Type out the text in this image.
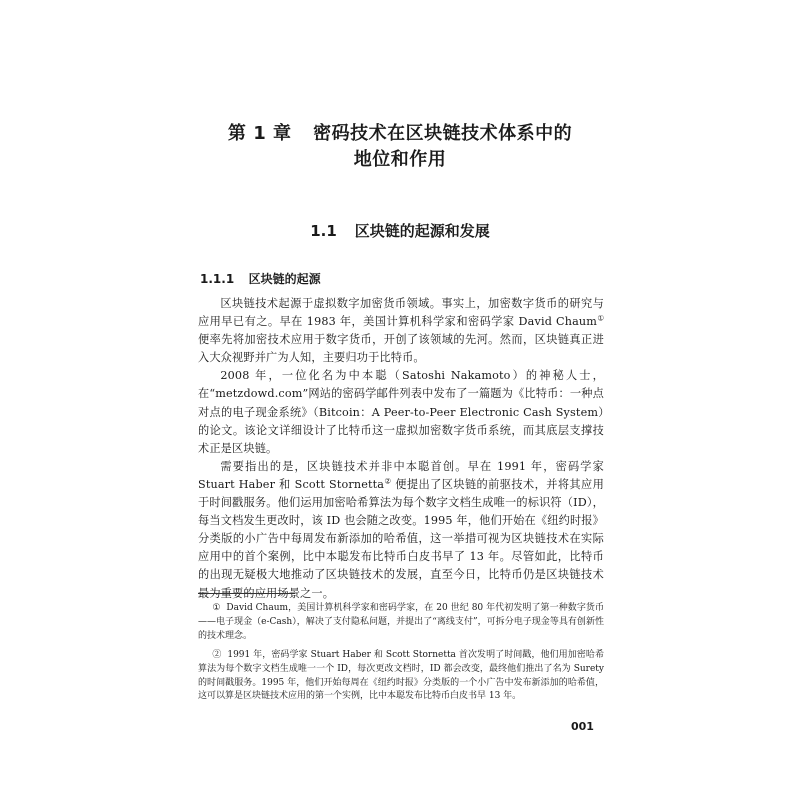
第 1 章 密码技术在区块链技术体系中的
地位和作用
1.1 区块链的起源和发展
1.1.1 区块链的起源

区块链技术起源于虚拟数字加密货币领域。事实上，加密数字货币的研究与应用早已有之。早在 1983 年，美国计算机科学家和密码学家 David Chaum① 便率先将加密技术应用于数字货币，开创了该领域的先河。然而，区块链真正进入大众视野并广为人知，主要归功于比特币。

2008 年，一位化名为中本聪（Satoshi Nakamoto）的神秘人士，在“metzdowd.com”网站的密码学邮件列表中发布了一篇题为《比特币：一种点对点的电子现金系统》（Bitcoin：A Peer-to-Peer Electronic Cash System）的论文。该论文详细设计了比特币这一虚拟加密数字货币系统，而其底层支撑技术正是区块链。

需要指出的是，区块链技术并非中本聪首创。早在 1991 年，密码学家 Stuart Haber 和 Scott Stornetta② 便提出了区块链的前驱技术，并将其应用于时间戳服务。他们运用加密哈希算法为每个数字文档生成唯一的标识符（ID），每当文档发生更改时，该 ID 也会随之改变。1995 年，他们开始在《纽约时报》分类版的小广告中每周发布新添加的哈希值，这一举措可视为区块链技术在实际应用中的首个案例，比中本聪发布比特币白皮书早了 13 年。尽管如此，比特币的出现无疑极大地推动了区块链技术的发展，直至今日，比特币仍是区块链技术最为重要的应用场景之一。

① David Chaum，美国计算机科学家和密码学家，在 20 世纪 80 年代初发明了第一种数字货币——电子现金（e-Cash），解决了支付隐私问题，并提出了“离线支付”，可拆分电子现金等具有创新性的技术理念。

② 1991 年，密码学家 Stuart Haber 和 Scott Stornetta 首次发明了时间戳，他们用加密哈希算法为每个数字文档生成唯一一个 ID，每次更改文档时，ID 都会改变，最终他们推出了名为 Surety 的时间戳服务。1995 年，他们开始每周在《纽约时报》分类版的一个小广告中发布新添加的哈希值，这可以算是区块链技术应用的第一个实例，比中本聪发布比特币白皮书早 13 年。

001
